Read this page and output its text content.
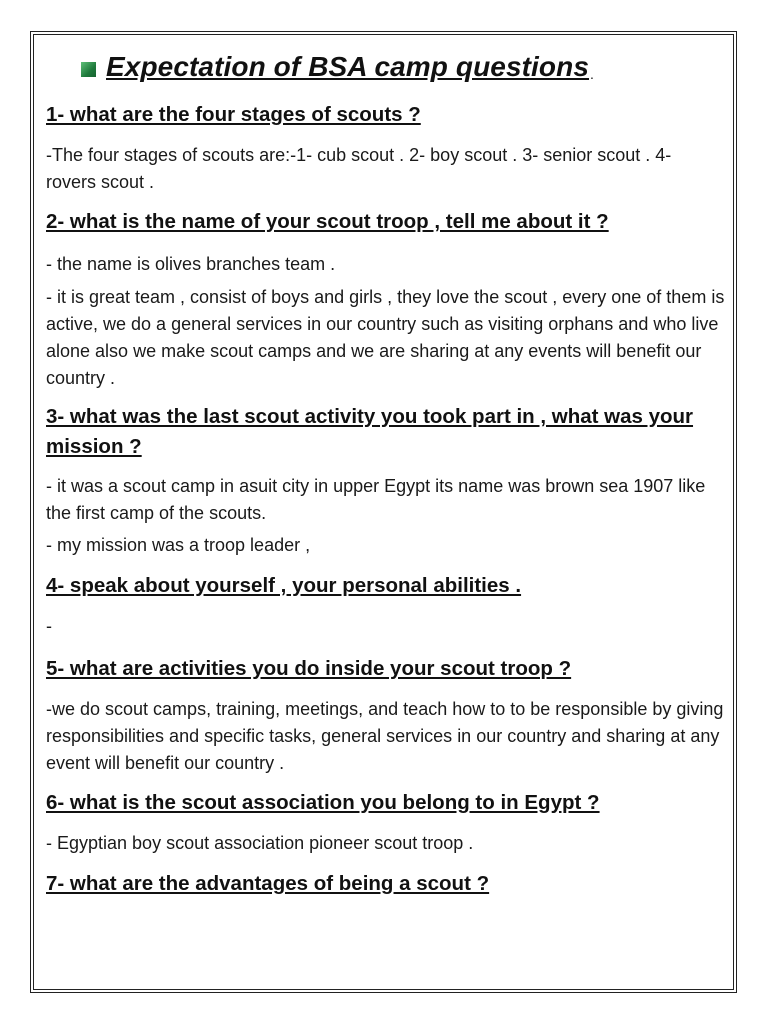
Expectation of BSA camp questions .

1- what are the four stages of scouts ?

-The four stages of scouts are:-1- cub scout . 2- boy scout . 3- senior scout . 4- rovers scout .

2- what is the name of your scout troop , tell me about it ?

- the name is olives branches team .

- it is great team , consist of boys and girls , they love the scout , every one of them is active, we do a general services in our country such as visiting orphans and who live alone also we make scout camps and we are sharing at any events will benefit our country .

3- what was the last scout activity you took part in , what was your mission ?

- it was a scout camp in asuit city in upper Egypt its name was brown sea 1907 like the first camp of the scouts.

- my mission was a troop leader ,

4- speak about yourself , your personal abilities .

-

5- what are activities you do inside your scout troop ?

-we do scout camps, training, meetings, and teach how to to be responsible by giving responsibilities and specific tasks, general services in our country and sharing at any event will benefit our country .

6- what is the scout association you belong to in Egypt ?

- Egyptian boy scout association pioneer scout troop .

7- what are the advantages of being a scout ?
